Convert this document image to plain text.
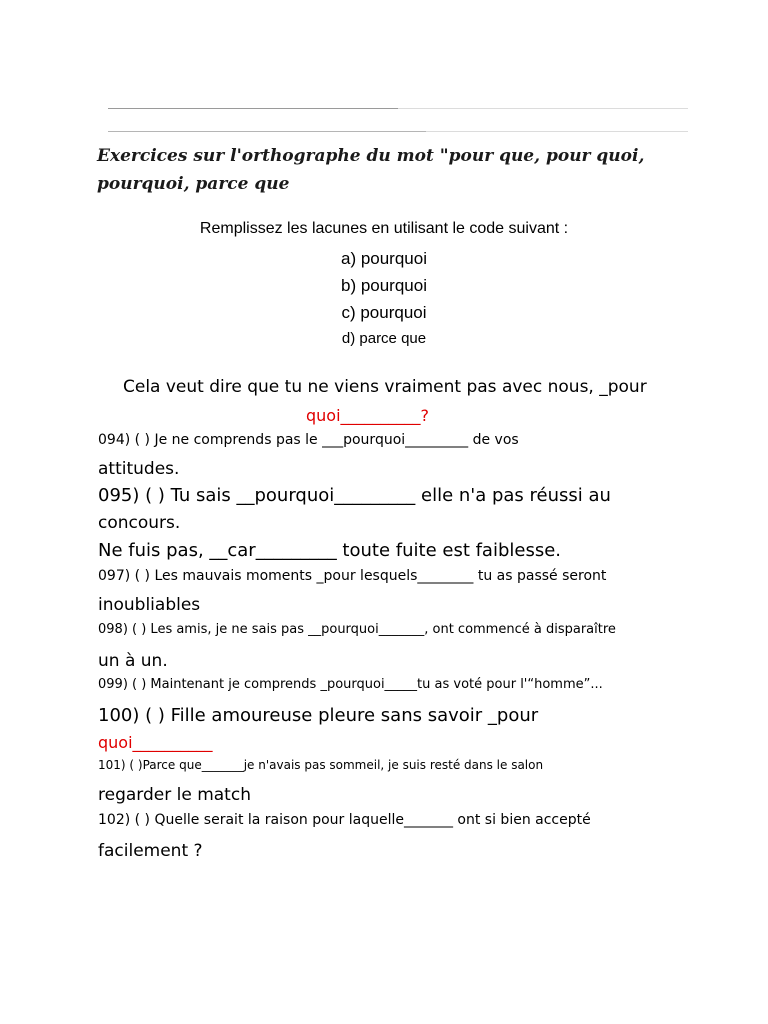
Exercices sur l'orthographe du mot "pour que, pour quoi, pourquoi, parce que
Remplissez les lacunes en utilisant le code suivant :
a) pourquoi
b) pourquoi
c) pourquoi
d) parce que
Cela veut dire que tu ne viens vraiment pas avec nous, _pour
quoi__________?
094) ( ) Je ne comprends pas le ___pourquoi_________ de vos
attitudes.
095) ( ) Tu sais __pourquoi_________ elle n'a pas réussi au
concours.
Ne fuis pas, __car_________ toute fuite est faiblesse.
097) ( ) Les mauvais moments _pour lesquels________ tu as passé seront
inoubliables
098) ( ) Les amis, je ne sais pas __pourquoi_______, ont commencé à disparaître
un à un.
099) ( ) Maintenant je comprends _pourquoi_____tu as voté pour l'“homme”...
100) ( ) Fille amoureuse pleure sans savoir _pour
quoi__________
101) ( )Parce que_______je n'avais pas sommeil, je suis resté dans le salon
regarder le match
102) ( ) Quelle serait la raison pour laquelle_______ ont si bien accepté
facilement ?
